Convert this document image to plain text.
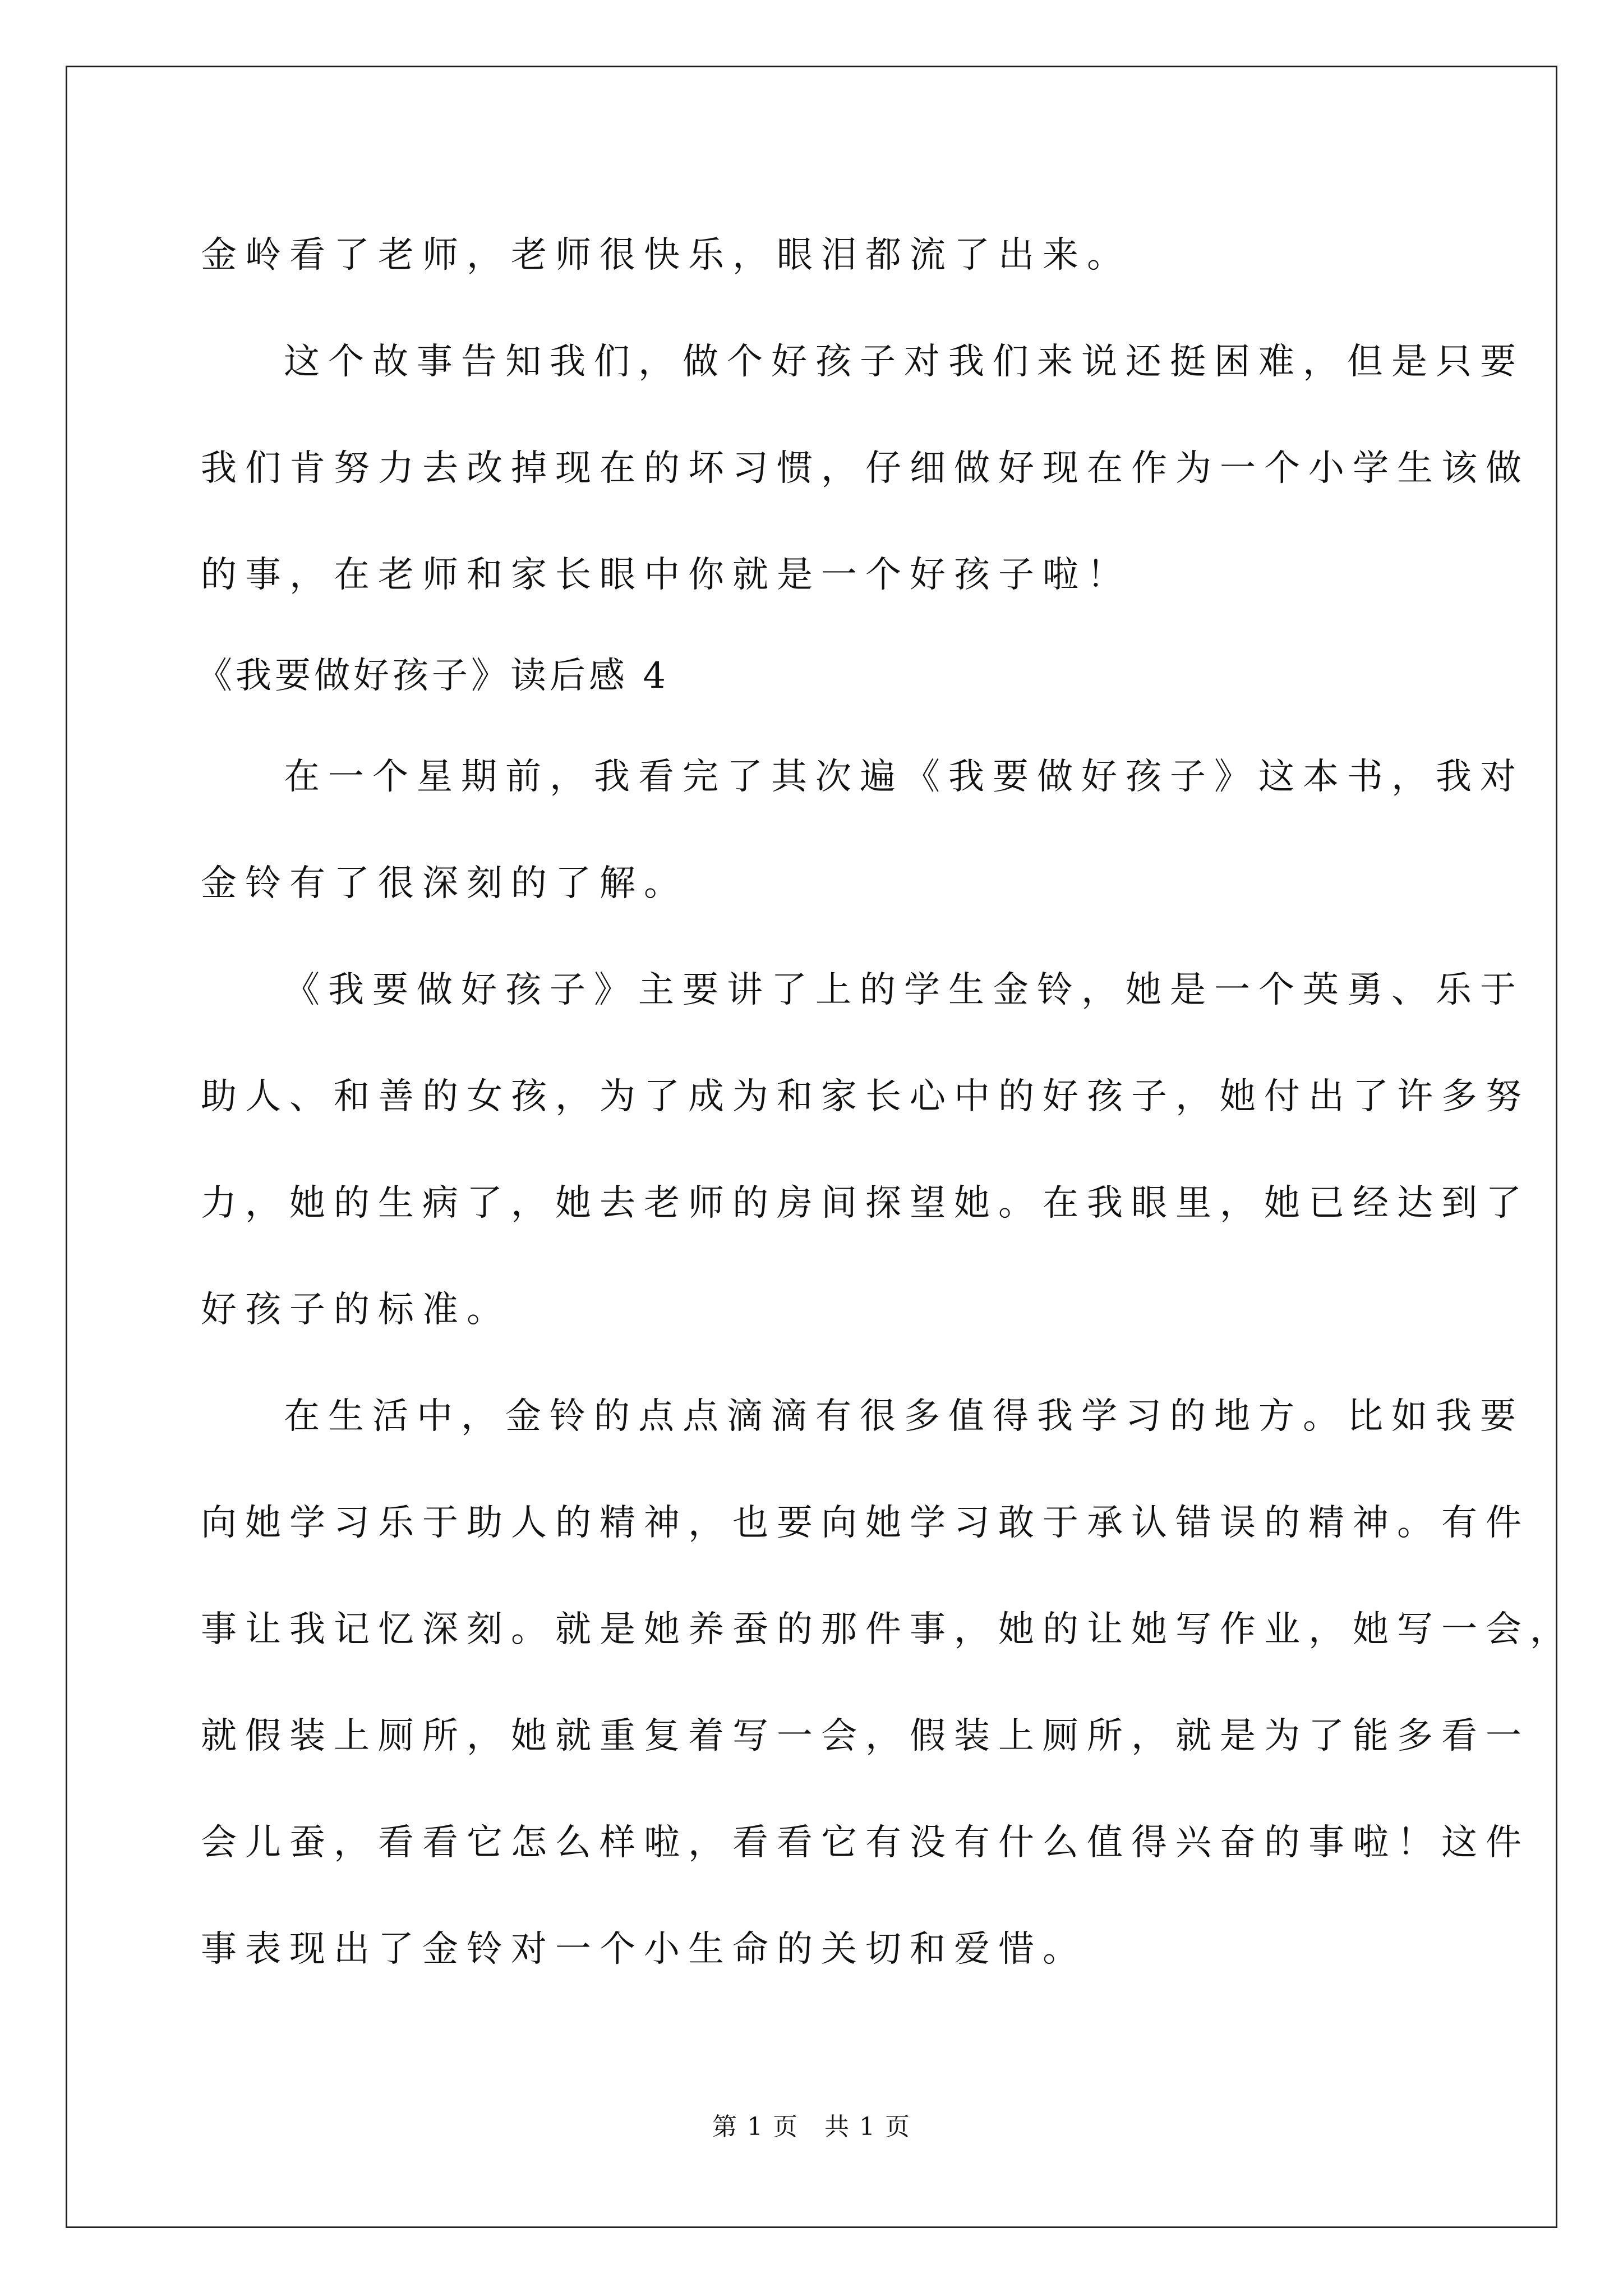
金岭看了老师，老师很快乐，眼泪都流了出来。
这个故事告知我们，做个好孩子对我们来说还挺困难，但是只要
我们肯努力去改掉现在的坏习惯，仔细做好现在作为一个小学生该做
的事，在老师和家长眼中你就是一个好孩子啦！
《我要做好孩子》读后感 4
在一个星期前，我看完了其次遍《我要做好孩子》这本书，我对
金铃有了很深刻的了解。
《我要做好孩子》主要讲了上的学生金铃，她是一个英勇、乐于
助人、和善的女孩，为了成为和家长心中的好孩子，她付出了许多努
力，她的生病了，她去老师的房间探望她。在我眼里，她已经达到了
好孩子的标准。
在生活中，金铃的点点滴滴有很多值得我学习的地方。比如我要
向她学习乐于助人的精神，也要向她学习敢于承认错误的精神。有件
事让我记忆深刻。就是她养蚕的那件事，她的让她写作业，她写一会，
就假装上厕所，她就重复着写一会，假装上厕所，就是为了能多看一
会儿蚕，看看它怎么样啦，看看它有没有什么值得兴奋的事啦！这件
事表现出了金铃对一个小生命的关切和爱惜。
第 1 页　共 1 页
